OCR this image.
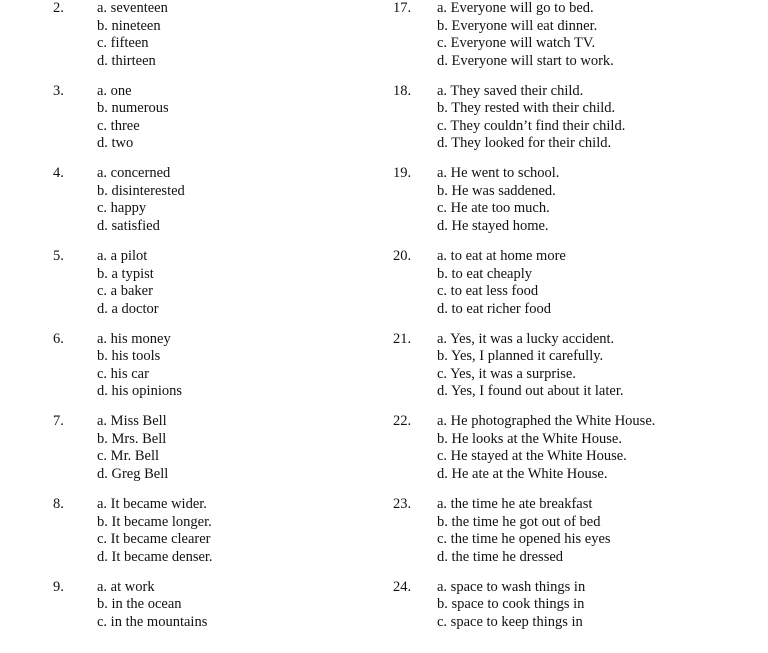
2. a. seventeen
b. nineteen
c. fifteen
d. thirteen
3. a. one
b. numerous
c. three
d. two
4. a. concerned
b. disinterested
c. happy
d. satisfied
5. a. a pilot
b. a typist
c. a baker
d. a doctor
6. a. his money
b. his tools
c. his car
d. his opinions
7. a. Miss Bell
b. Mrs. Bell
c. Mr. Bell
d. Greg Bell
8. a. It became wider.
b. It became longer.
c. It became clearer
d. It became denser.
9. a. at work
b. in the ocean
c. in the mountains
17. a. Everyone will go to bed.
b. Everyone will eat dinner.
c. Everyone will watch TV.
d. Everyone will start to work.
18. a. They saved their child.
b. They rested with their child.
c. They couldn’t find their child.
d. They looked for their child.
19. a. He went to school.
b. He was saddened.
c. He ate too much.
d. He stayed home.
20. a. to eat at home more
b. to eat cheaply
c. to eat less food
d. to eat richer food
21. a. Yes, it was a lucky accident.
b. Yes, I planned it carefully.
c. Yes, it was a surprise.
d. Yes, I found out about it later.
22. a. He photographed the White House.
b. He looks at the White House.
c. He stayed at the White House.
d. He ate at the White House.
23. a. the time he ate breakfast
b. the time he got out of bed
c. the time he opened his eyes
d. the time he dressed
24. a. space to wash things in
b. space to cook things in
c. space to keep things in
